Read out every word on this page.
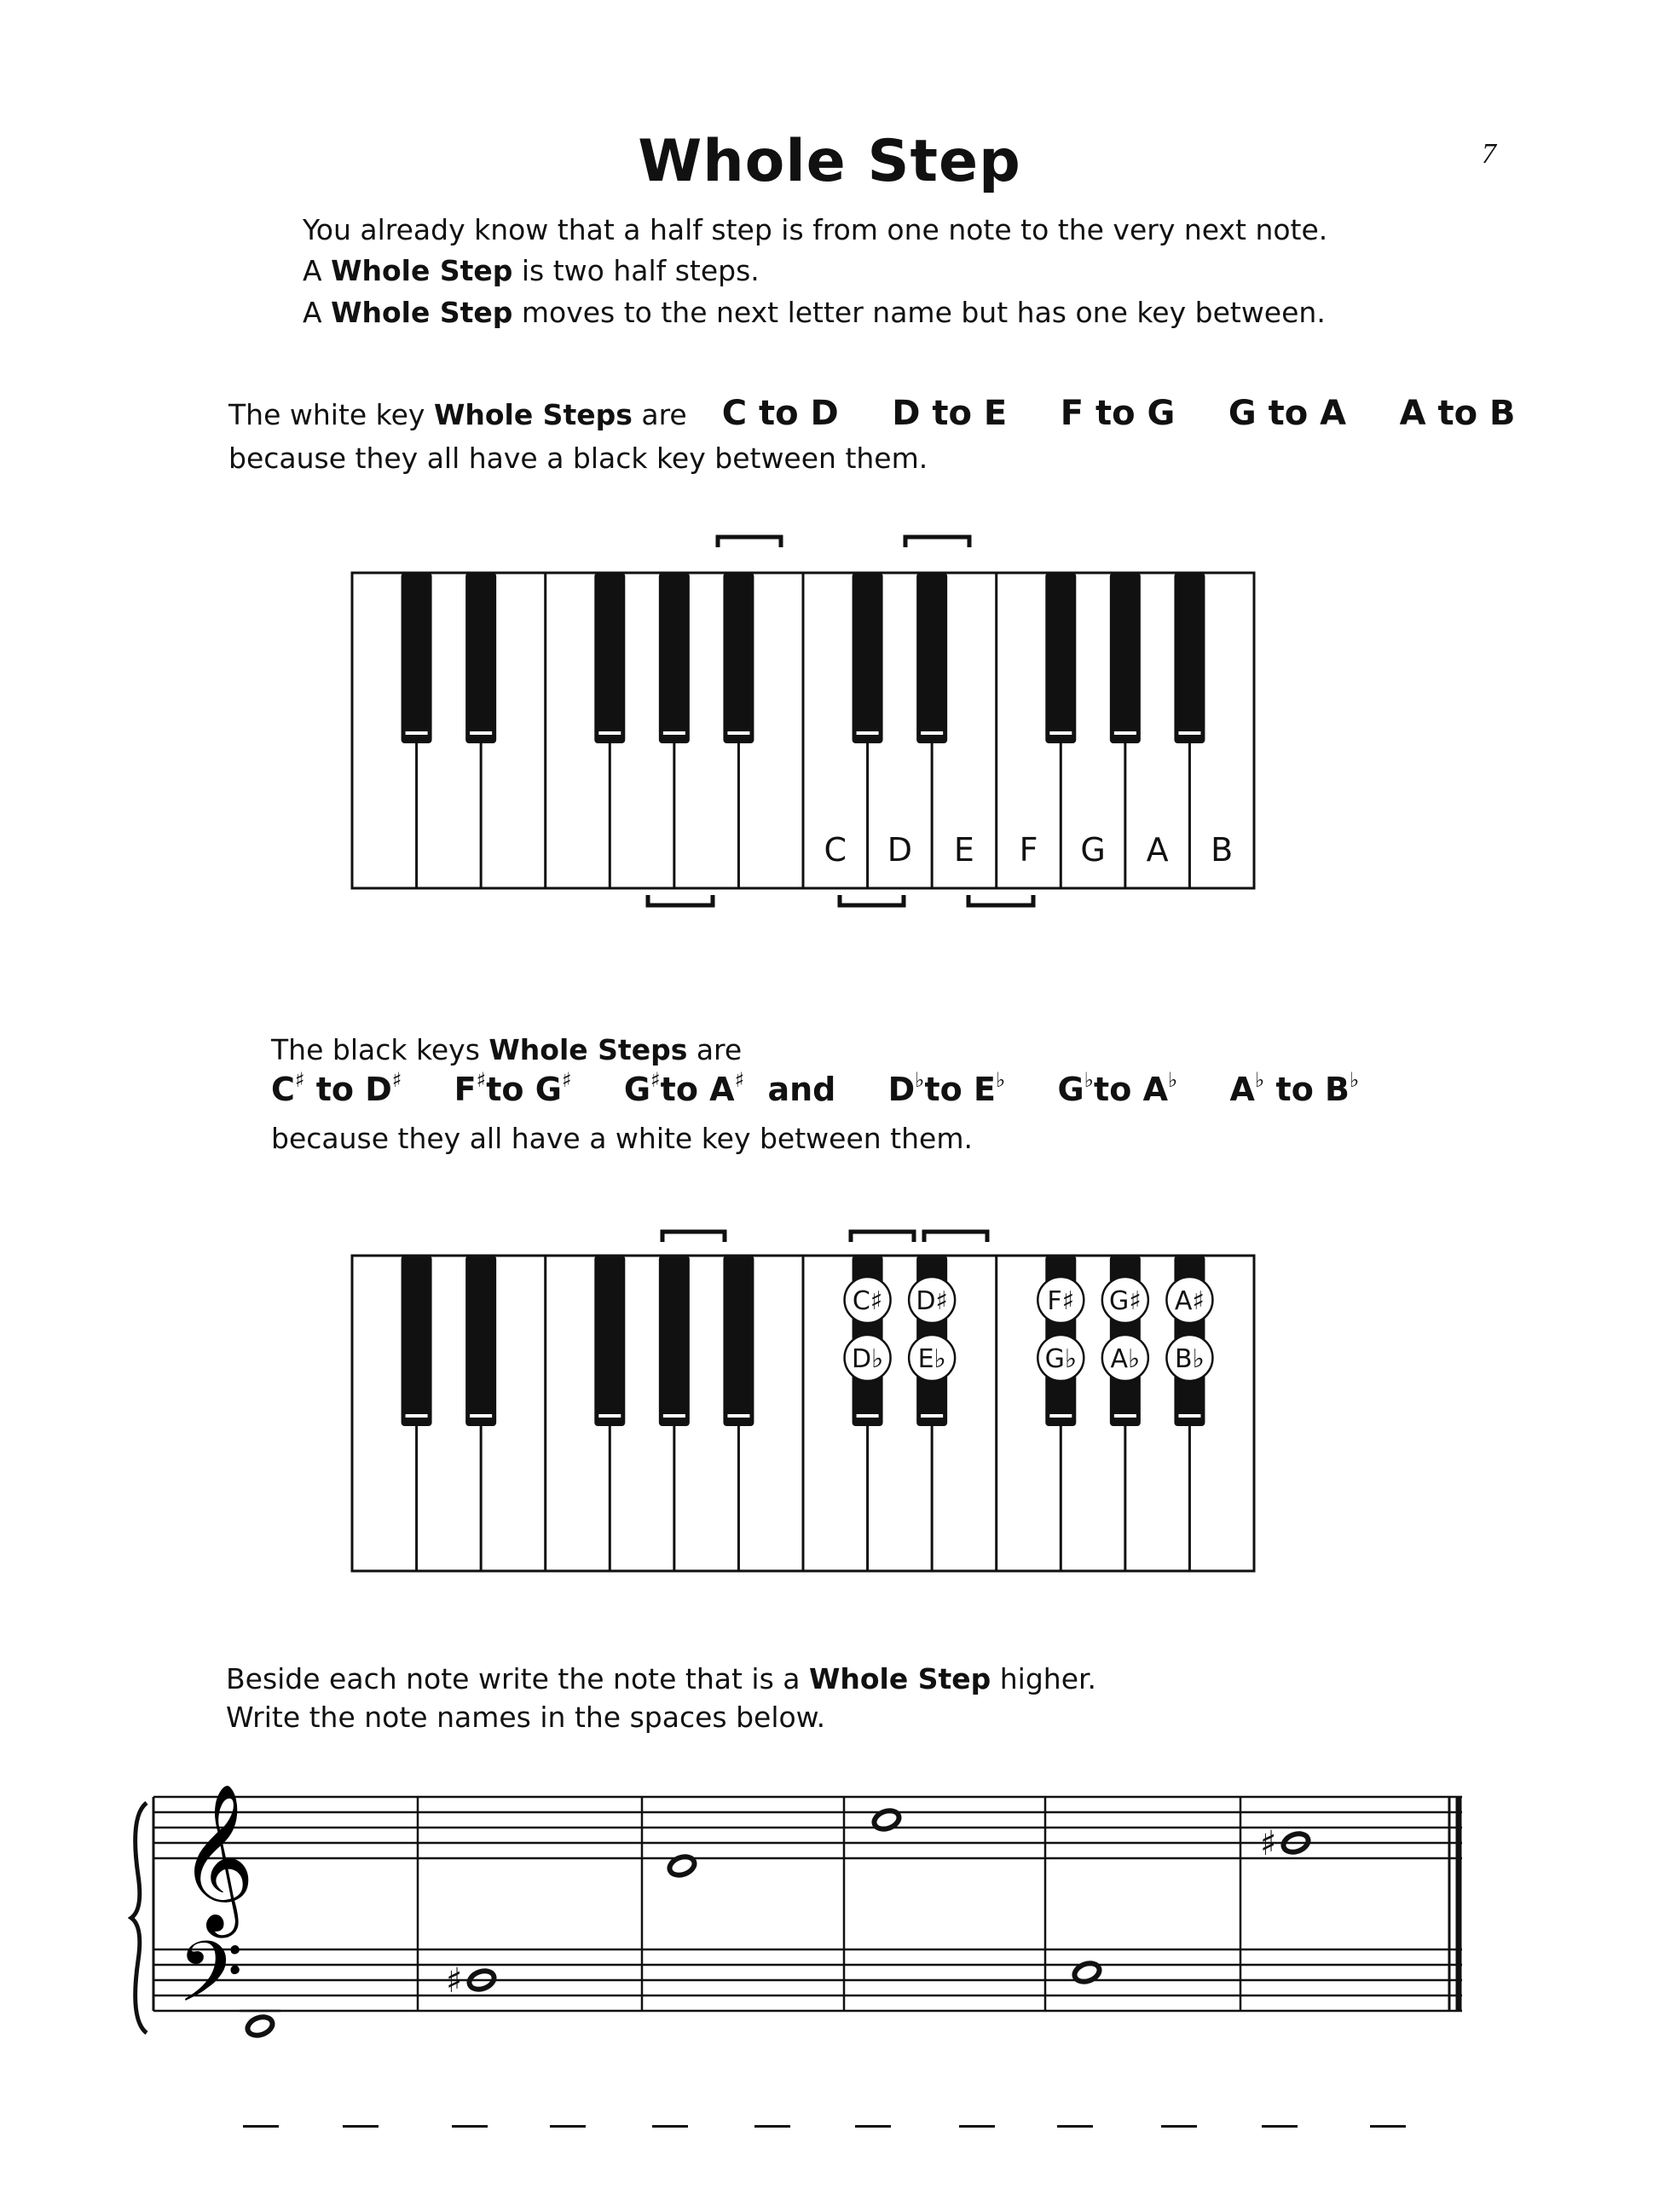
Whole Step	7
You already know that a half step is from one note to the very next note.
A Whole Step is two half steps.
A Whole Step moves to the next letter name but has one key between.
The white key Whole Steps are C to D D to E F to G G to A A to B
because they all have a black key between them.
C D E F G A B
The black keys Whole Steps are
C♯ to D♯ F♯to G♯ G♯to A♯ and D♭to E♭ G♭to A♭ A♭ to B♭
because they all have a white key between them.
C♯
D♭
D♯
E♭
F♯
G♭
G♯
A♭
A♯
B♭
Beside each note write the note that is a Whole Step higher.
Write the note names in the spaces below.
𝄞
𝄢	♯
♯
